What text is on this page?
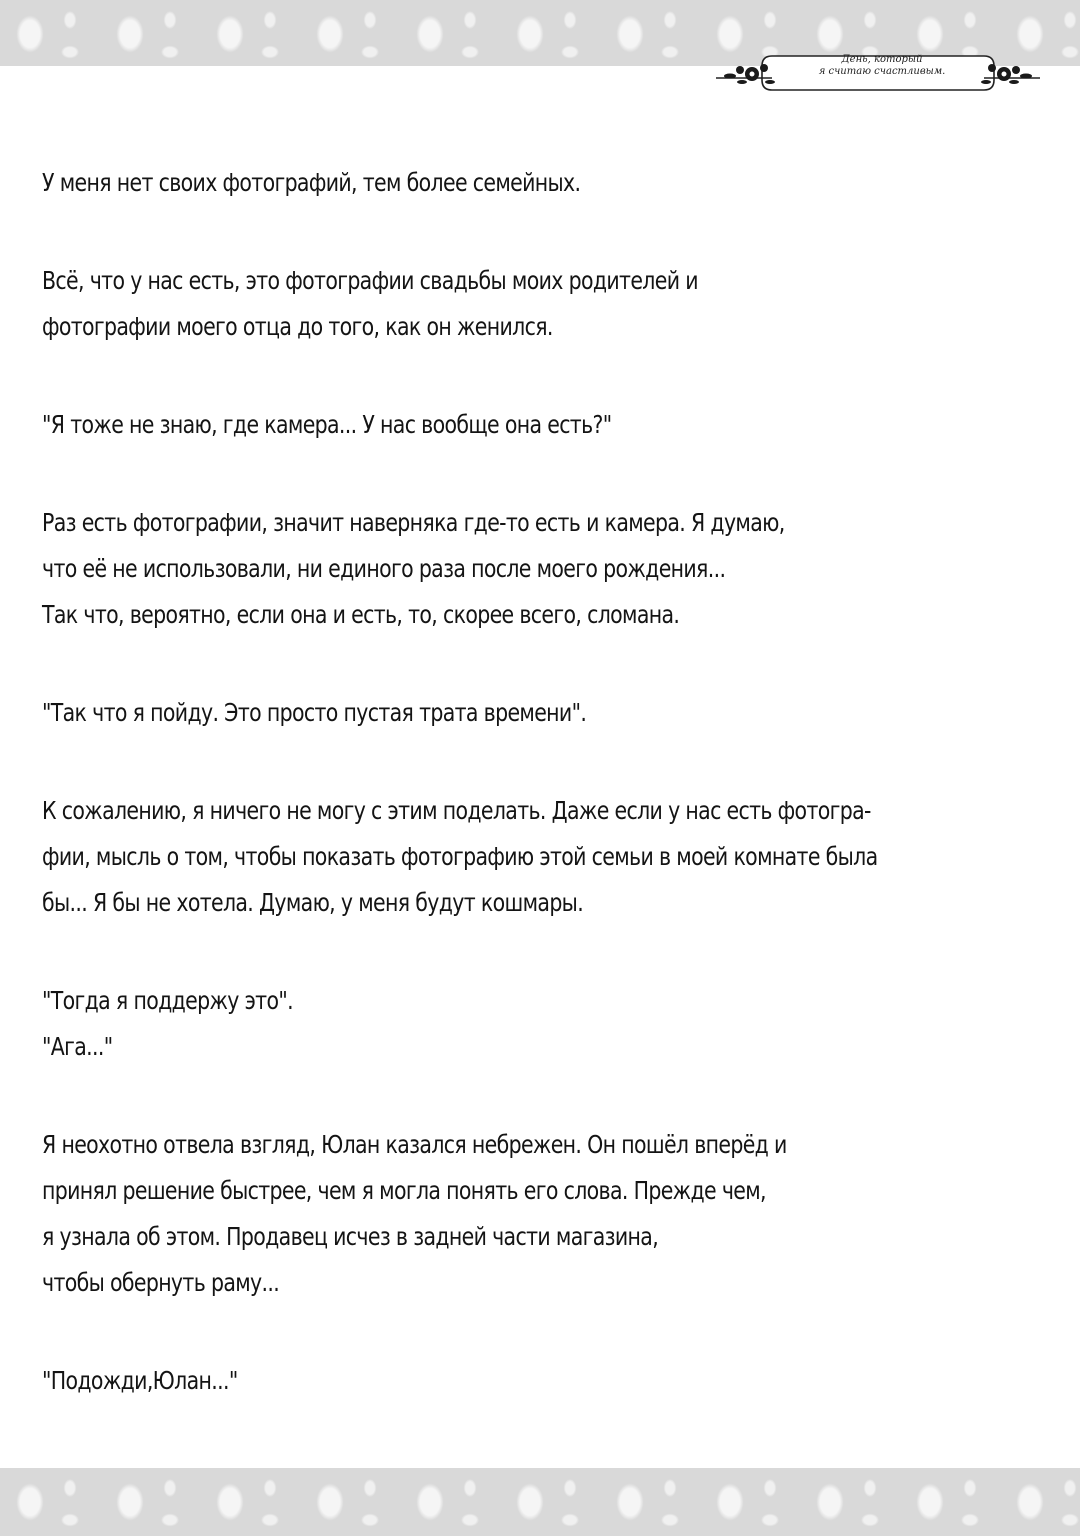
День, который
я считаю счастливым.

У меня нет своих фотографий, тем более семейных.

Всё, что у нас есть, это фотографии свадьбы моих родителей и

фотографии моего отца до того, как он женился.

"Я тоже не знаю, где камера... У нас вообще она есть?"

Раз есть фотографии, значит наверняка где-то есть и камера. Я думаю,

что её не использовали, ни единого раза после моего рождения...

Так что, вероятно, если она и есть, то, скорее всего, сломана.

"Так что я пойду. Это просто пустая трата времени".

К сожалению, я ничего не могу с этим поделать. Даже если у нас есть фотогра-

фии, мысль о том, чтобы показать фотографию этой семьи в моей комнате была

бы... Я бы не хотела. Думаю, у меня будут кошмары.

"Тогда я поддержу это".

"Ага..."

Я неохотно отвела взгляд, Юлан казался небрежен. Он пошёл вперёд и

принял решение быстрее, чем я могла понять его слова. Прежде чем,

я узнала об этом. Продавец исчез в задней части магазина,

чтобы обернуть раму...

"Подожди,Юлан..."
